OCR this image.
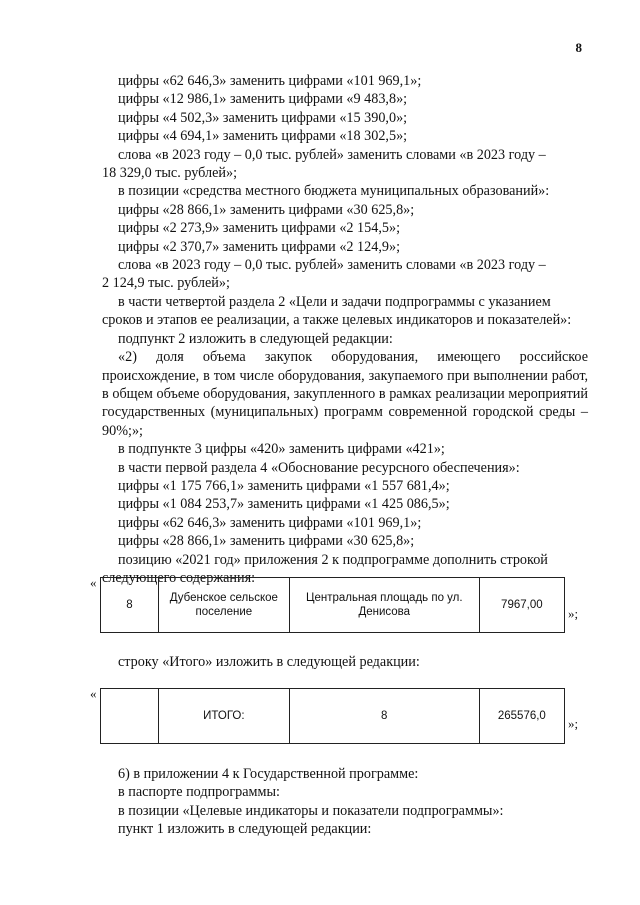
8

цифры «62 646,3» заменить цифрами «101 969,1»;

цифры «12 986,1» заменить цифрами «9 483,8»;

цифры «4 502,3» заменить цифрами «15 390,0»;

цифры «4 694,1» заменить цифрами «18 302,5»;

слова «в 2023 году – 0,0 тыс. рублей» заменить словами «в 2023 году –

18 329,0 тыс. рублей»;

в позиции «средства местного бюджета муниципальных образований»:

цифры «28 866,1» заменить цифрами «30 625,8»;

цифры «2 273,9» заменить цифрами «2 154,5»;

цифры «2 370,7» заменить цифрами «2 124,9»;

слова «в 2023 году – 0,0 тыс. рублей» заменить словами «в 2023 году –

2 124,9 тыс. рублей»;

в части четвертой раздела 2 «Цели и задачи подпрограммы с указанием

сроков и этапов ее реализации, а также целевых индикаторов и показателей»:

подпункт 2 изложить в следующей редакции:

«2) доля объема закупок оборудования, имеющего российское происхождение, в том числе оборудования, закупаемого при выполнении работ, в общем объеме оборудования, закупленного в рамках реализации мероприятий государственных (муниципальных) программ современной городской среды – 90%;»;

в подпункте 3 цифры «420» заменить цифрами «421»;

в части первой раздела 4 «Обоснование ресурсного обеспечения»:

цифры «1 175 766,1» заменить цифрами «1 557 681,4»;

цифры «1 084 253,7» заменить цифрами «1 425 086,5»;

цифры «62 646,3» заменить цифрами «101 969,1»;

цифры «28 866,1» заменить цифрами «30 625,8»;

позицию «2021 год» приложения 2 к подпрограмме дополнить строкой

следующего содержания:

«
8	Дубенское сельское поселение	Центральная площадь по ул. Денисова	7967,00
»;
строку «Итого» изложить в следующей редакции:
«
	ИТОГО:	8	265576,0 »;

6) в приложении 4 к Государственной программе:

в паспорте подпрограммы:

в позиции «Целевые индикаторы и показатели подпрограммы»:

пункт 1 изложить в следующей редакции:
